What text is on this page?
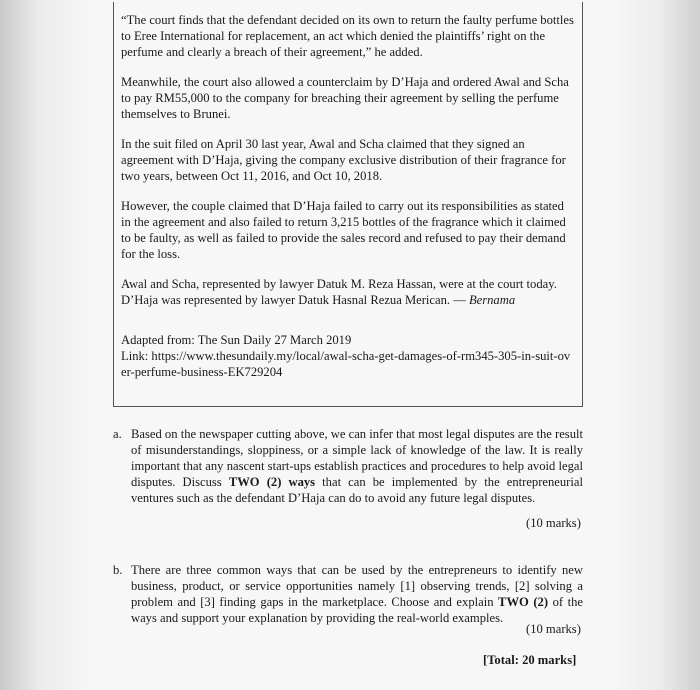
“The court finds that the defendant decided on its own to return the faulty perfume bottles to Eree International for replacement, an act which denied the plaintiffs’ right on the perfume and clearly a breach of their agreement,” he added.

Meanwhile, the court also allowed a counterclaim by D’Haja and ordered Awal and Scha to pay RM55,000 to the company for breaching their agreement by selling the perfume themselves to Brunei.

In the suit filed on April 30 last year, Awal and Scha claimed that they signed an agreement with D’Haja, giving the company exclusive distribution of their fragrance for two years, between Oct 11, 2016, and Oct 10, 2018.

However, the couple claimed that D’Haja failed to carry out its responsibilities as stated in the agreement and also failed to return 3,215 bottles of the fragrance which it claimed to be faulty, as well as failed to provide the sales record and refused to pay their demand for the loss.

Awal and Scha, represented by lawyer Datuk M. Reza Hassan, were at the court today. D’Haja was represented by lawyer Datuk Hasnal Rezua Merican. — Bernama

Adapted from: The Sun Daily 27 March 2019
Link: https://www.thesundaily.my/local/awal-scha-get-damages-of-rm345-305-in-suit-over-perfume-business-EK729204

a. Based on the newspaper cutting above, we can infer that most legal disputes are the result of misunderstandings, sloppiness, or a simple lack of knowledge of the law. It is really important that any nascent start-ups establish practices and procedures to help avoid legal disputes. Discuss TWO (2) ways that can be implemented by the entrepreneurial ventures such as the defendant D’Haja can do to avoid any future legal disputes.
(10 marks)
b. There are three common ways that can be used by the entrepreneurs to identify new business, product, or service opportunities namely [1] observing trends, [2] solving a problem and [3] finding gaps in the marketplace. Choose and explain TWO (2) of the ways and support your explanation by providing the real-world examples.
(10 marks)
[Total: 20 marks]
